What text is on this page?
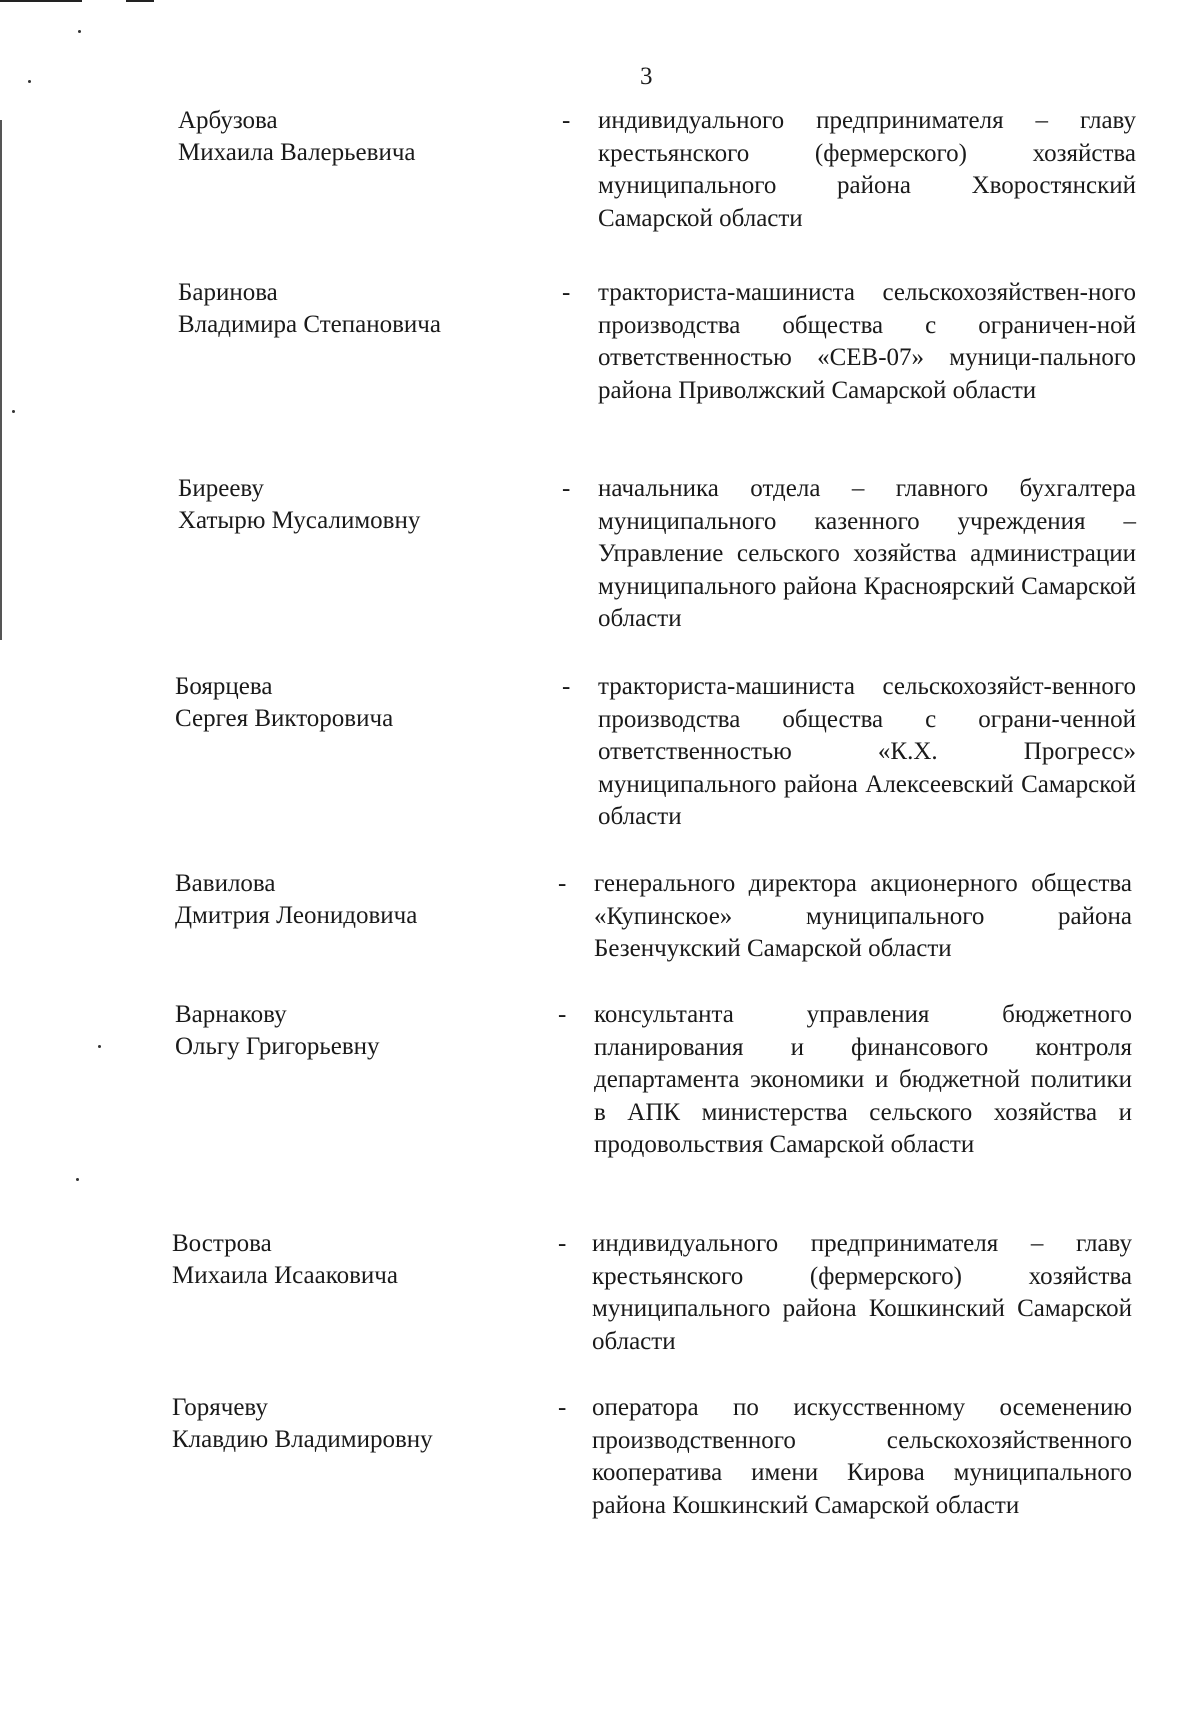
3
Арбузова
Михаила Валерьевича
- индивидуального предпринимателя – главу крестьянского (фермерского) хозяйства муниципального района Хворостянский Самарской области
Баринова
Владимира Степановича
- тракториста-машиниста сельскохозяйствен-ного производства общества с ограничен-ной ответственностью «СЕВ-07» муници-пального района Приволжский Самарской области
Бирееву
Хатырю Мусалимовну
- начальника отдела – главного бухгалтера муниципального казенного учреждения – Управление сельского хозяйства администрации муниципального района Красноярский Самарской области
Боярцева
Сергея Викторовича
- тракториста-машиниста сельскохозяйст-венного производства общества с ограни-ченной ответственностью «К.Х. Прогресс» муниципального района Алексеевский Самарской области
Вавилова
Дмитрия Леонидовича
- генерального директора акционерного общества «Купинское» муниципального района Безенчукский Самарской области
Варнакову
Ольгу Григорьевну
- консультанта управления бюджетного планирования и финансового контроля департамента экономики и бюджетной политики в АПК министерства сельского хозяйства и продовольствия Самарской области
Вострова
Михаила Исааковича
- индивидуального предпринимателя – главу крестьянского (фермерского) хозяйства муниципального района Кошкинский Самарской области
Горячеву
Клавдию Владимировну
- оператора по искусственному осеменению производственного сельскохозяйственного кооператива имени Кирова муниципального района Кошкинский Самарской области
